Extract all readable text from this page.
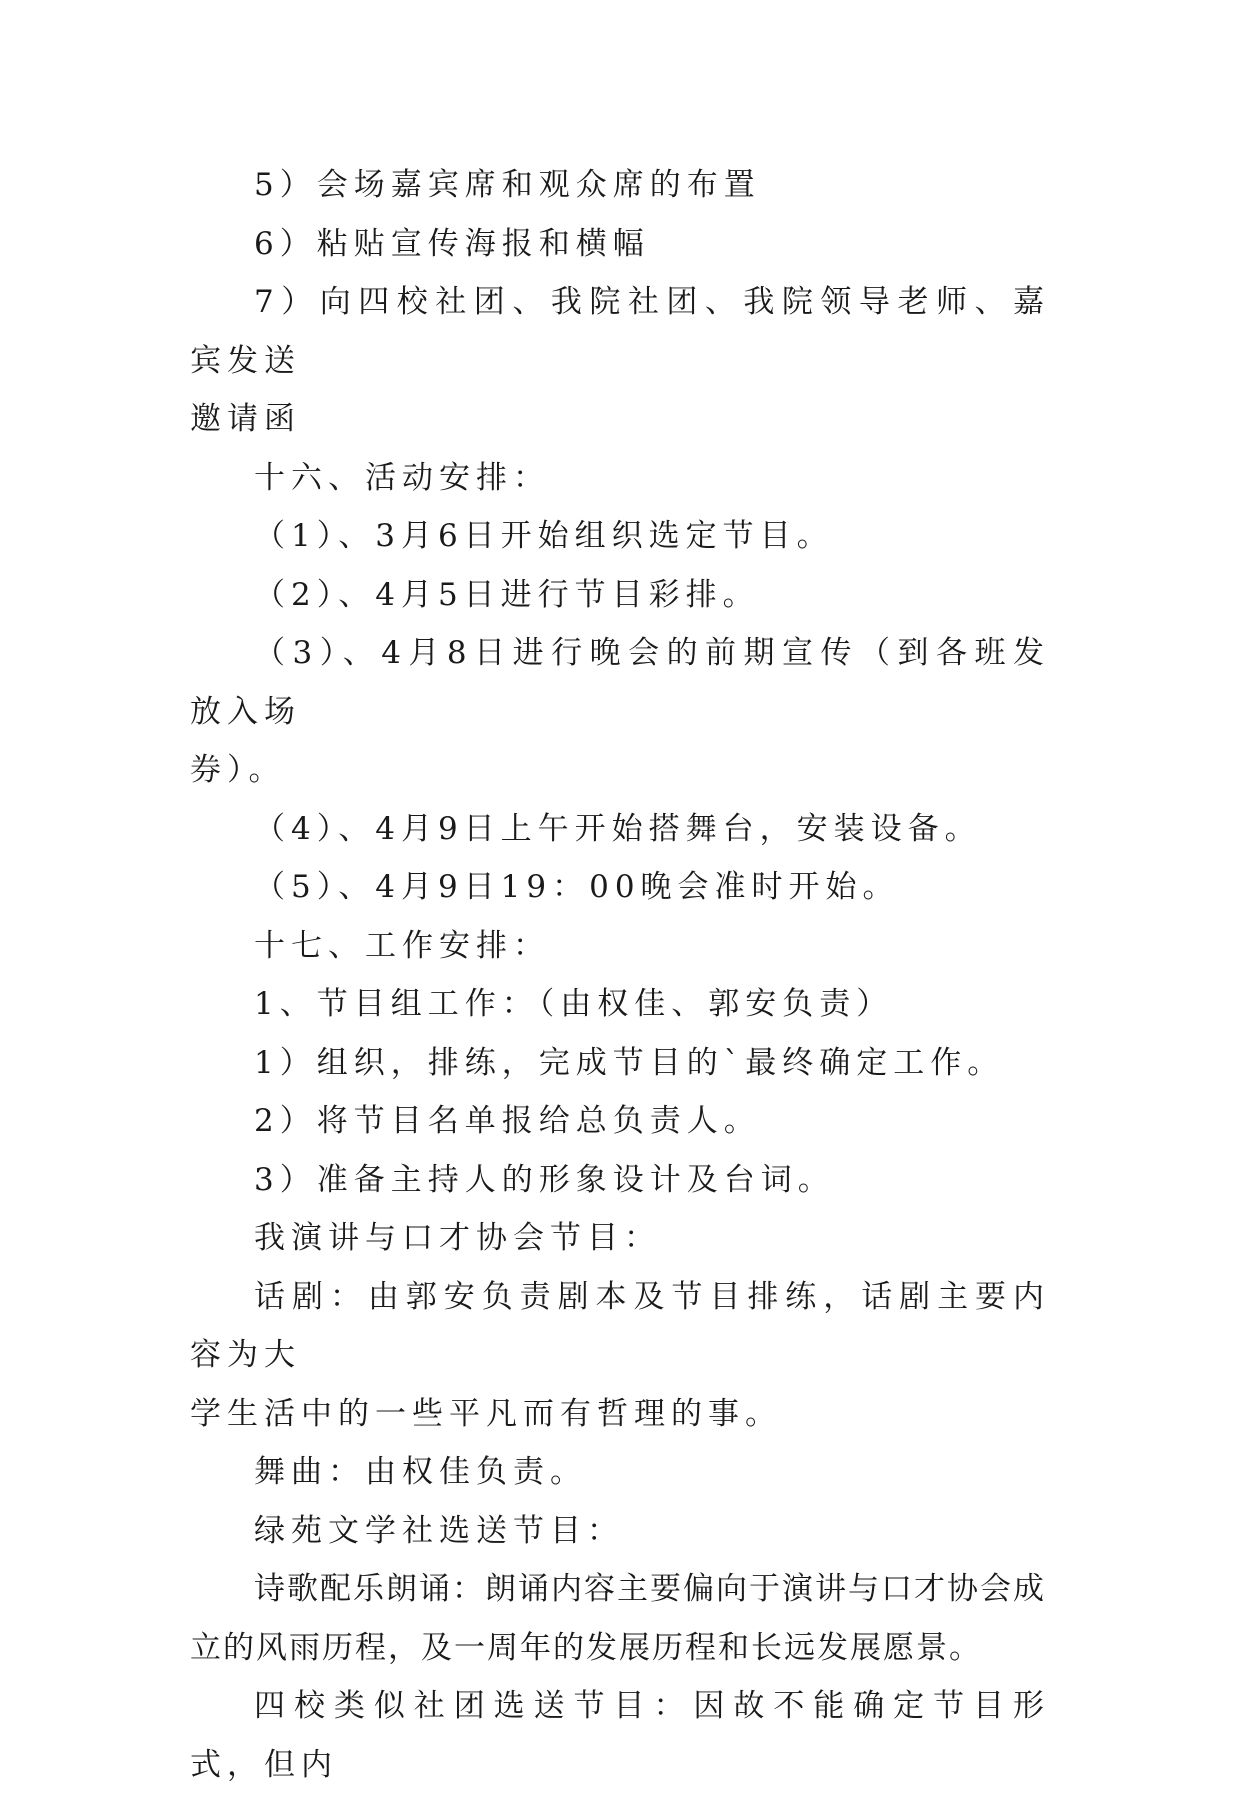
5）会场嘉宾席和观众席的布置

6）粘贴宣传海报和横幅

7）向四校社团、我院社团、我院领导老师、嘉宾发送
邀请函

十六、活动安排：

（1）、3月6日开始组织选定节目。

（2）、4月5日进行节目彩排。

（3）、4月8日进行晚会的前期宣传（到各班发放入场
券）。

（4）、4月9日上午开始搭舞台，安装设备。

（5）、4月9日19：00晚会准时开始。

十七、工作安排：

1、节目组工作：（由权佳、郭安负责）

1）组织，排练，完成节目的`最终确定工作。

2）将节目名单报给总负责人。

3）准备主持人的形象设计及台词。

我演讲与口才协会节目：

话剧：由郭安负责剧本及节目排练，话剧主要内容为大
学生活中的一些平凡而有哲理的事。

舞曲：由权佳负责。

绿苑文学社选送节目：

诗歌配乐朗诵：朗诵内容主要偏向于演讲与口才协会成
立的风雨历程，及一周年的发展历程和长远发展愿景。

四校类似社团选送节目：因故不能确定节目形式，但内
